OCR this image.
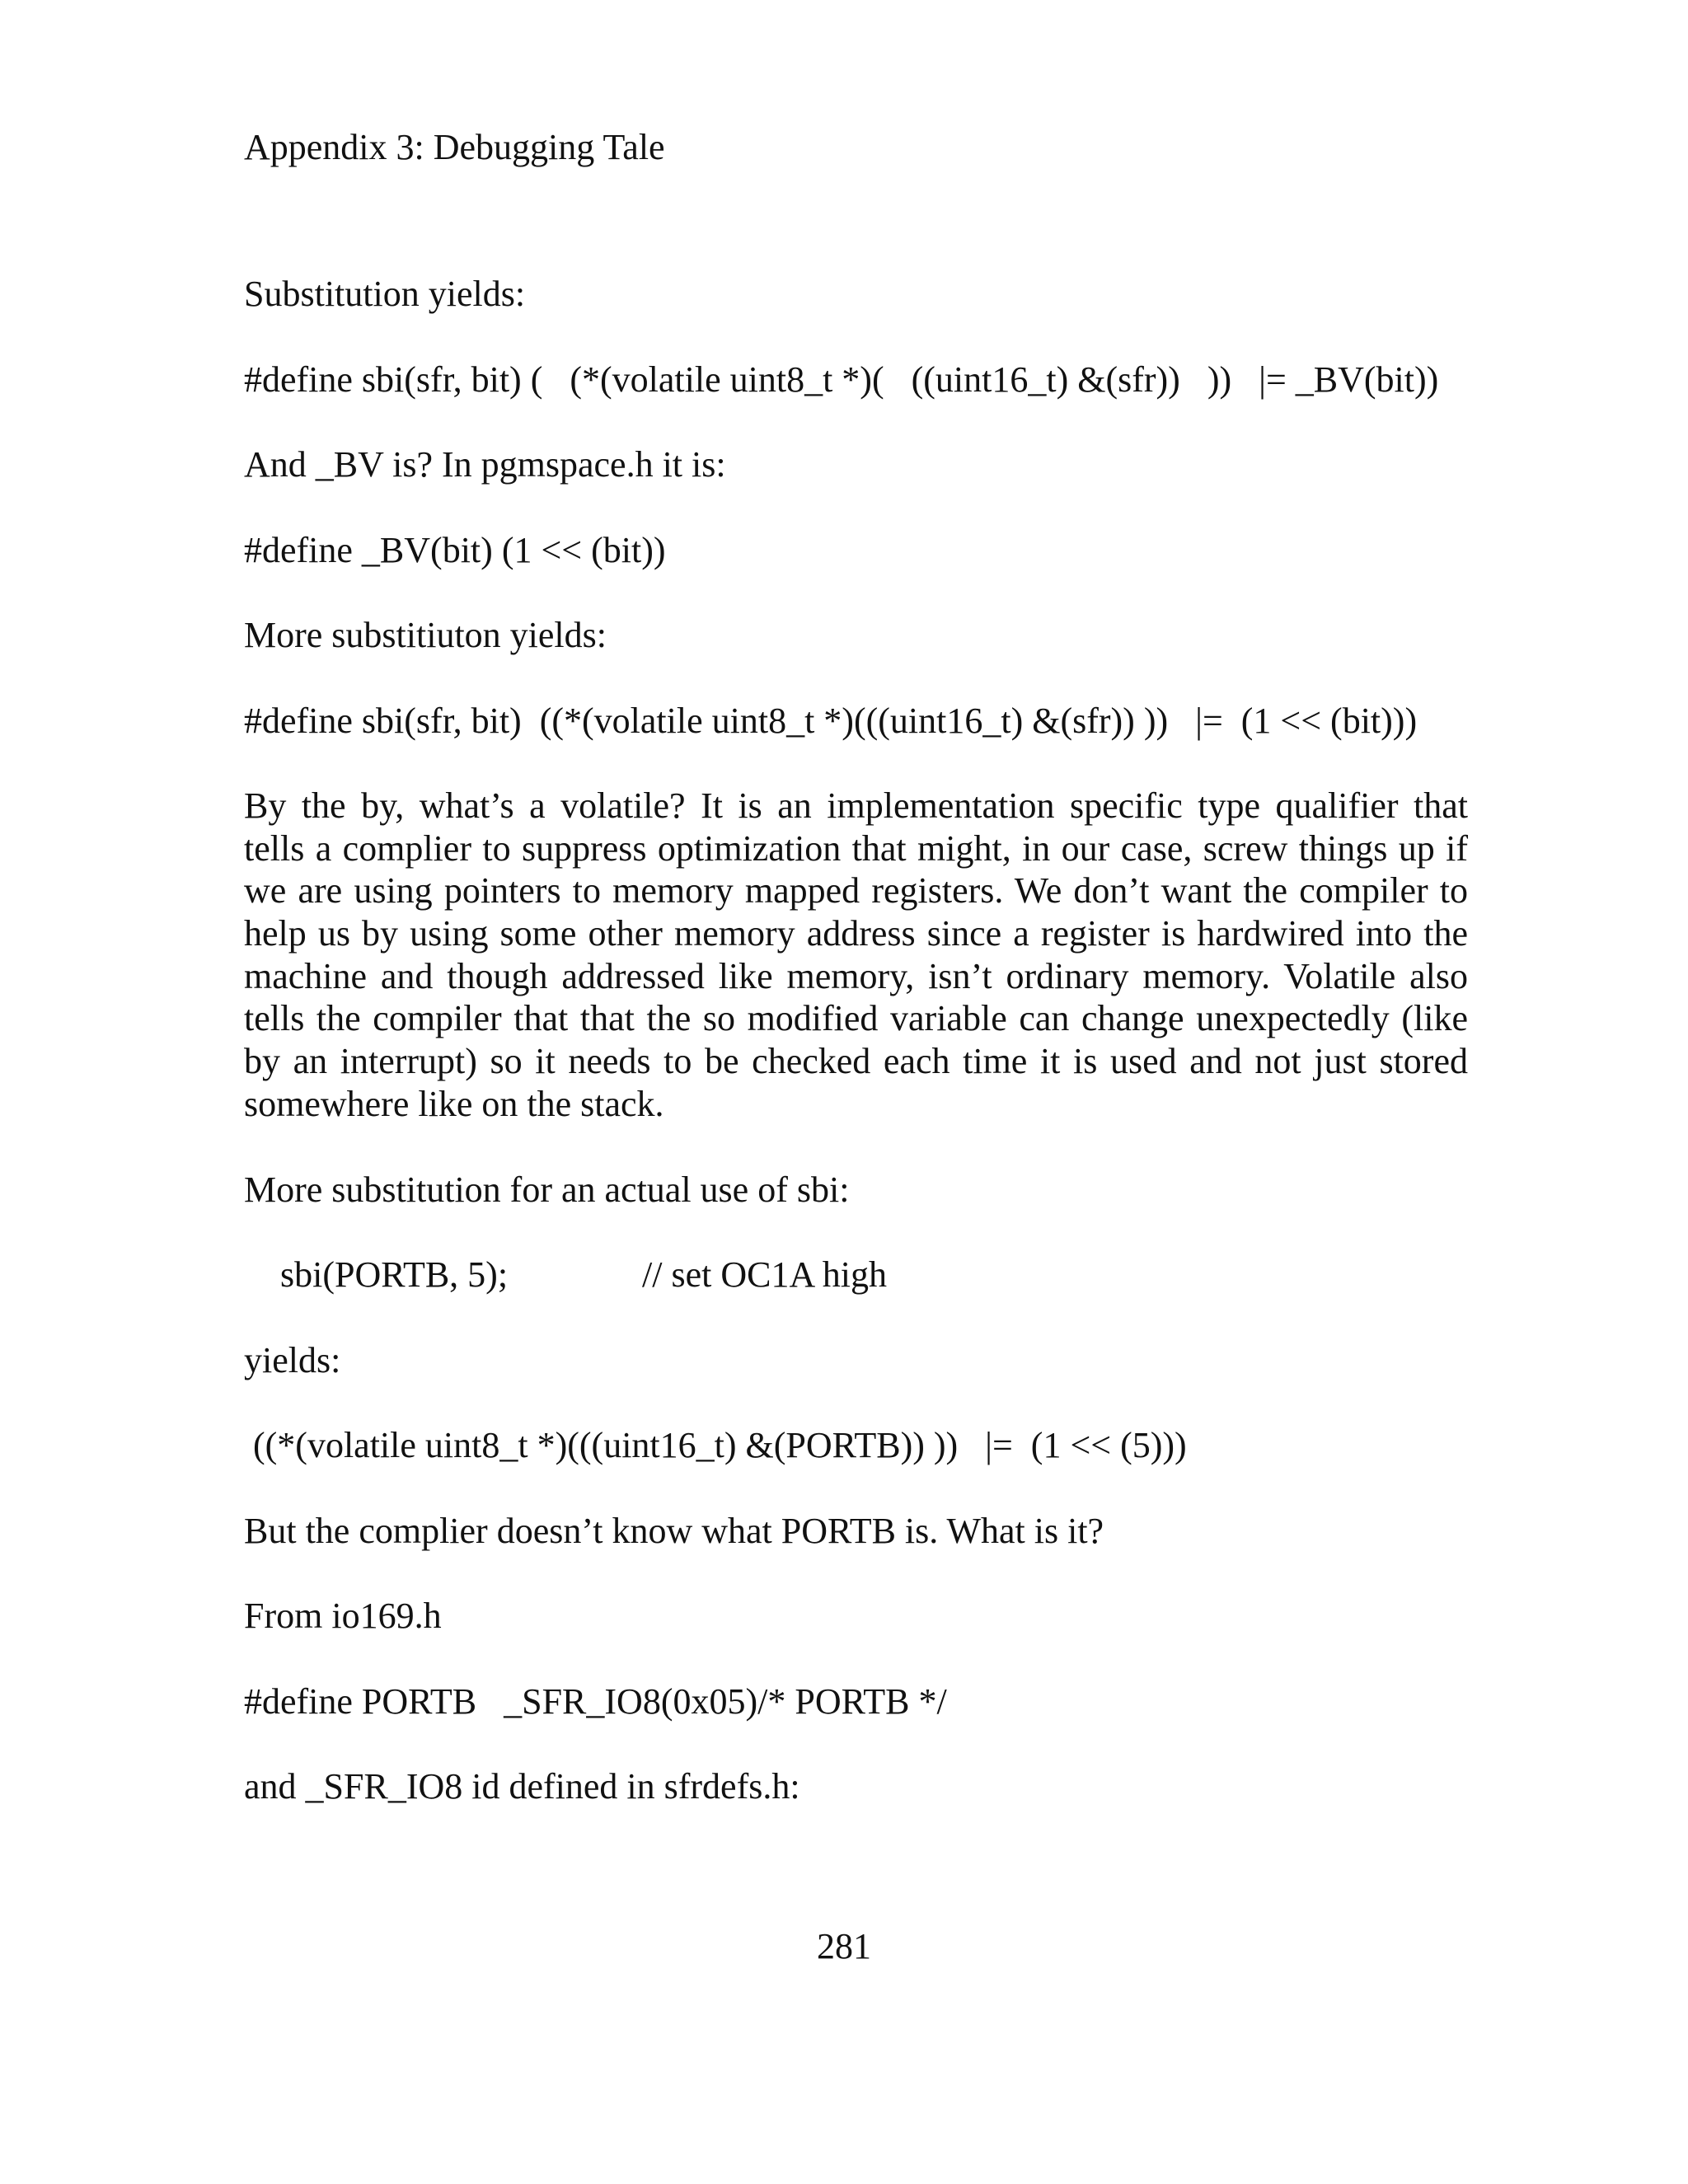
Appendix 3: Debugging Tale
Substitution yields:
#define sbi(sfr, bit) (   (*(volatile uint8_t *)(   ((uint16_t) &(sfr))   ))   |= _BV(bit))
And _BV is? In pgmspace.h it is:
#define _BV(bit) (1 << (bit))
More substitiuton yields:
#define sbi(sfr, bit)  ((*(volatile uint8_t *)(((uint16_t) &(sfr)) ))   |=  (1 << (bit)))
By the by, what’s a volatile? It is an implementation specific type qualifier that
tells a complier to suppress optimization that might, in our case, screw things up if
we are using pointers to memory mapped registers. We don’t want the compiler to
help us by using some other memory address since a register is hardwired into the
machine and though addressed like memory, isn’t ordinary memory. Volatile also
tells the compiler that that the so modified variable can change unexpectedly (like
by an interrupt) so it needs to be checked each time it is used and not just stored
somewhere like on the stack.
More substitution for an actual use of sbi:
sbi(PORTB, 5);	// set OC1A high
yields:
((*(volatile uint8_t *)(((uint16_t) &(PORTB)) ))   |=  (1 << (5)))
But the complier doesn’t know what PORTB is. What is it?
From io169.h
#define PORTB   _SFR_IO8(0x05)/* PORTB */
and _SFR_IO8 id defined in sfrdefs.h:
281
